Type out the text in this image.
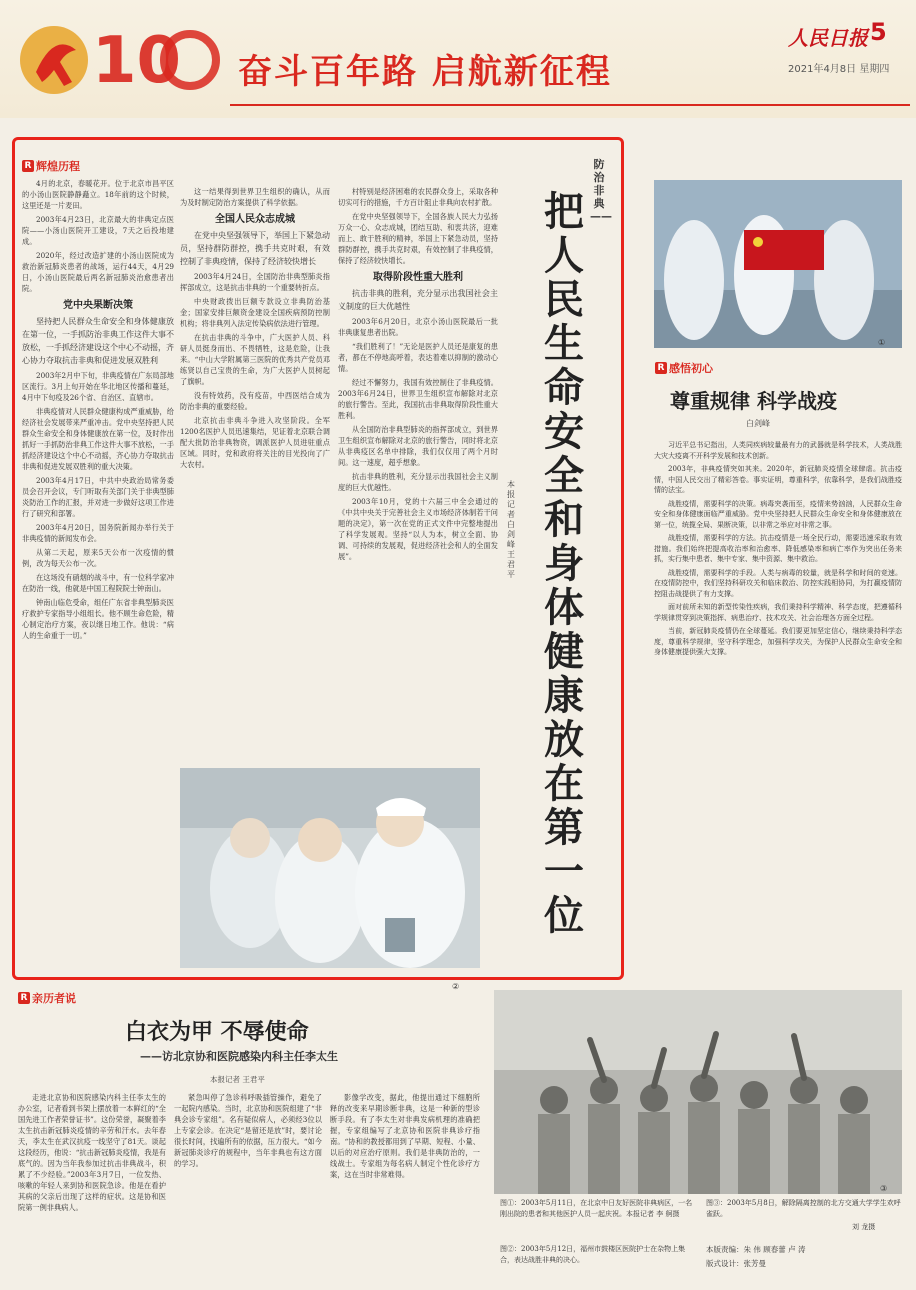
10 奋斗百年路 启航新征程
人民日报 5
2021年4月8日 星期四
R 辉煌历程

4月的北京，春暖花开。位于北京市昌平区的小汤山医院静静矗立。18年前的这个时候，这里还是一片麦田。

2003年4月23日，北京最大的非典定点医院——小汤山医院开工建设，7天之后投地建成。

2020年，经过改造扩建的小汤山医院成为救治新冠肺炎患者的战场，运行44天，4月29日，小汤山医院最后两名新冠肺炎治愈患者出院。

党中央果断决策

坚持把人民群众生命安全和身体健康放在第一位，一手抓防治非典工作这件大事不放松，一手抓经济建设这个中心不动摇，齐心协力夺取抗击非典和促进发展双胜利

2003年2月中下旬，非典疫情在广东局部地区流行。3月上旬开始在华北地区传播和蔓延，4月中下旬疫及26个省、自治区、直辖市。

非典疫情对人民群众健康构成严重威胁，给经济社会发展带来严重冲击。党中央坚持把人民群众生命安全和身体健康放在第一位，及时作出抓好一手抓防治非典工作这件大事不放松，一手抓经济建设这个中心不动摇，齐心协力夺取抗击非典和促进发展双胜利的重大决策。

2003年4月17日，中共中央政治局常务委员会召开会议，专门听取有关部门关于非典型肺炎防治工作的汇报，并对进一步做好这项工作进行了研究和部署。

2003年4月20日，国务院新闻办举行关于非典疫情的新闻发布会。

从第二天起，原来5天公布一次疫情的惯例，改为每天公布一次。

在这场没有硝烟的战斗中，有一位科学家冲在防治一线，他就是中国工程院院士钟南山。

钟南山临危受命，组任广东省非典型肺炎医疗救护专家指导小组组长。他不顾生命危险，精心制定治疗方案，夜以继日地工作。他说：“病人的生命重于一切。”

这一结果得到世界卫生组织的确认，从而为及时制定防治方案提供了科学依据。

全国人民众志成城

在党中央坚强领导下，举国上下紧急动员，坚持群防群控，携手共克时艰，有效控制了非典疫情，保持了经济较快增长

2003年4月24日，全国防治非典型肺炎指挥部成立，这是抗击非典的一个重要转折点。

中央财政拨出巨额专款设立非典防治基金；国家安排巨额资金建设全国疾病预防控制机构；将非典列入法定传染病依法进行管理。

在抗击非典的斗争中，广大医护人员、科研人员挺身而出、不畏牺牲，这是危险，让我来。“中山大学附属第三医院的优秀共产党员邓练贤以自己宝贵的生命，为广大医护人员树起了旗帜。

没有特效药，没有疫苗，中西医结合成为防治非典的重要经验。

北京抗击非典斗争进入攻坚阶段。全军1200名医护人员迅速集结，见证着北京联合调配大批防治非典物资，调派医护人员进驻重点区域。同时，党和政府将关注的目光投向了广大农村。

村特别是经济困难的农民群众身上，采取各种切实可行的措施，千方百计阻止非典向农村扩散。

在党中央坚强领导下，全国各族人民大力弘扬万众一心、众志成城，团结互助、和衷共济，迎难而上、敢于胜利的精神，举国上下紧急动员，坚持群防群控，携手共克时艰，有效控制了非典疫情，保持了经济较快增长。

取得阶段性重大胜利

抗击非典的胜利，充分显示出我国社会主义制度的巨大优越性

2003年6月20日，北京小汤山医院最后一批非典康复患者出院。

“我们胜利了！”无论是医护人员还是康复的患者，都在不停地高呼着，表达着难以抑制的激动心情。

经过不懈努力，我国有效控制住了非典疫情。2003年6月24日，世界卫生组织宣布解除对北京的旅行警告。至此，我国抗击非典取得阶段性重大胜利。

从全国防治非典型肺炎的指挥部成立，到世界卫生组织宣布解除对北京的旅行警告，同时将北京从非典疫区名单中排除，我们仅仅用了两个月时间。这一速度，超乎想象。

抗击非典的胜利，充分显示出我国社会主义制度的巨大优越性。

2003年10月，党的十六届三中全会通过的《中共中央关于完善社会主义市场经济体制若干问题的决定》，第一次在党的正式文件中完整地提出了科学发展观。坚持“以人为本，树立全面、协调、可持续的发展观，促进经济社会和人的全面发展”。

防治非典——
把人民生命安全和身体健康放在第一位
本报记者 白剑峰 王君平
②
①
R 感悟初心
尊重规律 科学战疫
白剑峰

习近平总书记指出，人类同疾病较量最有力的武器就是科学技术，人类战胜大灾大疫离不开科学发展和技术创新。

2003年，非典疫情突如其来。2020年，新冠肺炎疫情全球肆虐。抗击疫情，中国人民交出了精彩答卷。事实证明，尊重科学，依靠科学，是我们战胜疫情的法宝。

战胜疫情，需要科学的决策。病毒突袭而至，疫情来势汹汹，人民群众生命安全和身体健康面临严重威胁。党中央坚持把人民群众生命安全和身体健康放在第一位，统揽全局、果断决策，以非常之举应对非常之事。

战胜疫情，需要科学的方法。抗击疫情是一场全民行动，需要迅速采取有效措施。我们始终把提高收治率和治愈率、降低感染率和病亡率作为突出任务来抓，实行集中患者、集中专家、集中资源、集中救治。

战胜疫情，需要科学的手段。人类与病毒的较量，就是科学和时间的竞速。在疫情防控中，我们坚持科研攻关和临床救治、防控实践相协同，为打赢疫情防控阻击战提供了有力支撑。

面对前所未知的新型传染性疾病，我们秉持科学精神、科学态度，把遵循科学规律贯穿到决策指挥、病患治疗、技术攻关、社会治理各方面全过程。

当前，新冠肺炎疫情仍在全球蔓延。我们要更加坚定信心，继续秉持科学态度，尊重科学规律，坚守科学理念，加强科学攻关，为保护人民群众生命安全和身体健康提供强大支撑。

R 亲历者说
白衣为甲 不辱使命
——访北京协和医院感染内科主任李太生
本报记者 王君平

走进北京协和医院感染内科主任李太生的办公室，记者看到书架上摆放着一本鲜红的“全国先进工作者荣誉证书”。这份荣誉，凝聚着李太生抗击新冠肺炎疫情的辛劳和汗水。去年春天，李太生在武汉抗疫一线坚守了81天。谈起这段经历，他说：“抗击新冠肺炎疫情，我是有底气的。因为当年我参加过抗击非典战斗，积累了不少经验。”2003年3月7日，一位发热、咳嗽的年轻人来到协和医院急诊。他是在看护其病的父亲后出现了这样的症状。这是协和医院第一例非典病人。

紧急叫停了急诊科呼吸插管操作，避免了一起院内感染。当时，北京协和医院组建了“非典会诊专家组”。名有疑似病人，必须经3位以上专家会诊。在决定“是留还是放”时，要讨论很长时间，找遍所有的依据，压力很大。“如今新冠肺炎诊疗的规程中，当年非典也有这方面的学习。

影像学改变，据此，他提出通过下细胞所释的改变来早期诊断非典，这是一种新的型诊断手段。有了李太生对非典发病机理的准确把握，专家组编写了北京协和医院非典诊疗指南。“协和的教授都用到了早期、短程、小量、以后的对应治疗原则。我们是非典防治的，一线战士。专家组为每名病人制定个性化诊疗方案，这在当时非常难得。

③
图①：2003年5月11日，在北京中日友好医院非典病区，一名刚出院的患者和其他医护人员一起庆祝。本报记者 李 舸摄
图②：2003年5月12日，福州市鼓楼区医院护士在杂物上集合，表达战胜非典的决心。
图③：2003年5月8日，解除隔离控制的北方交通大学学生欢呼雀跃。
刘 龙摄
本版责编：朱 伟 顾春蕾 卢 涛
版式设计：张芳曼
